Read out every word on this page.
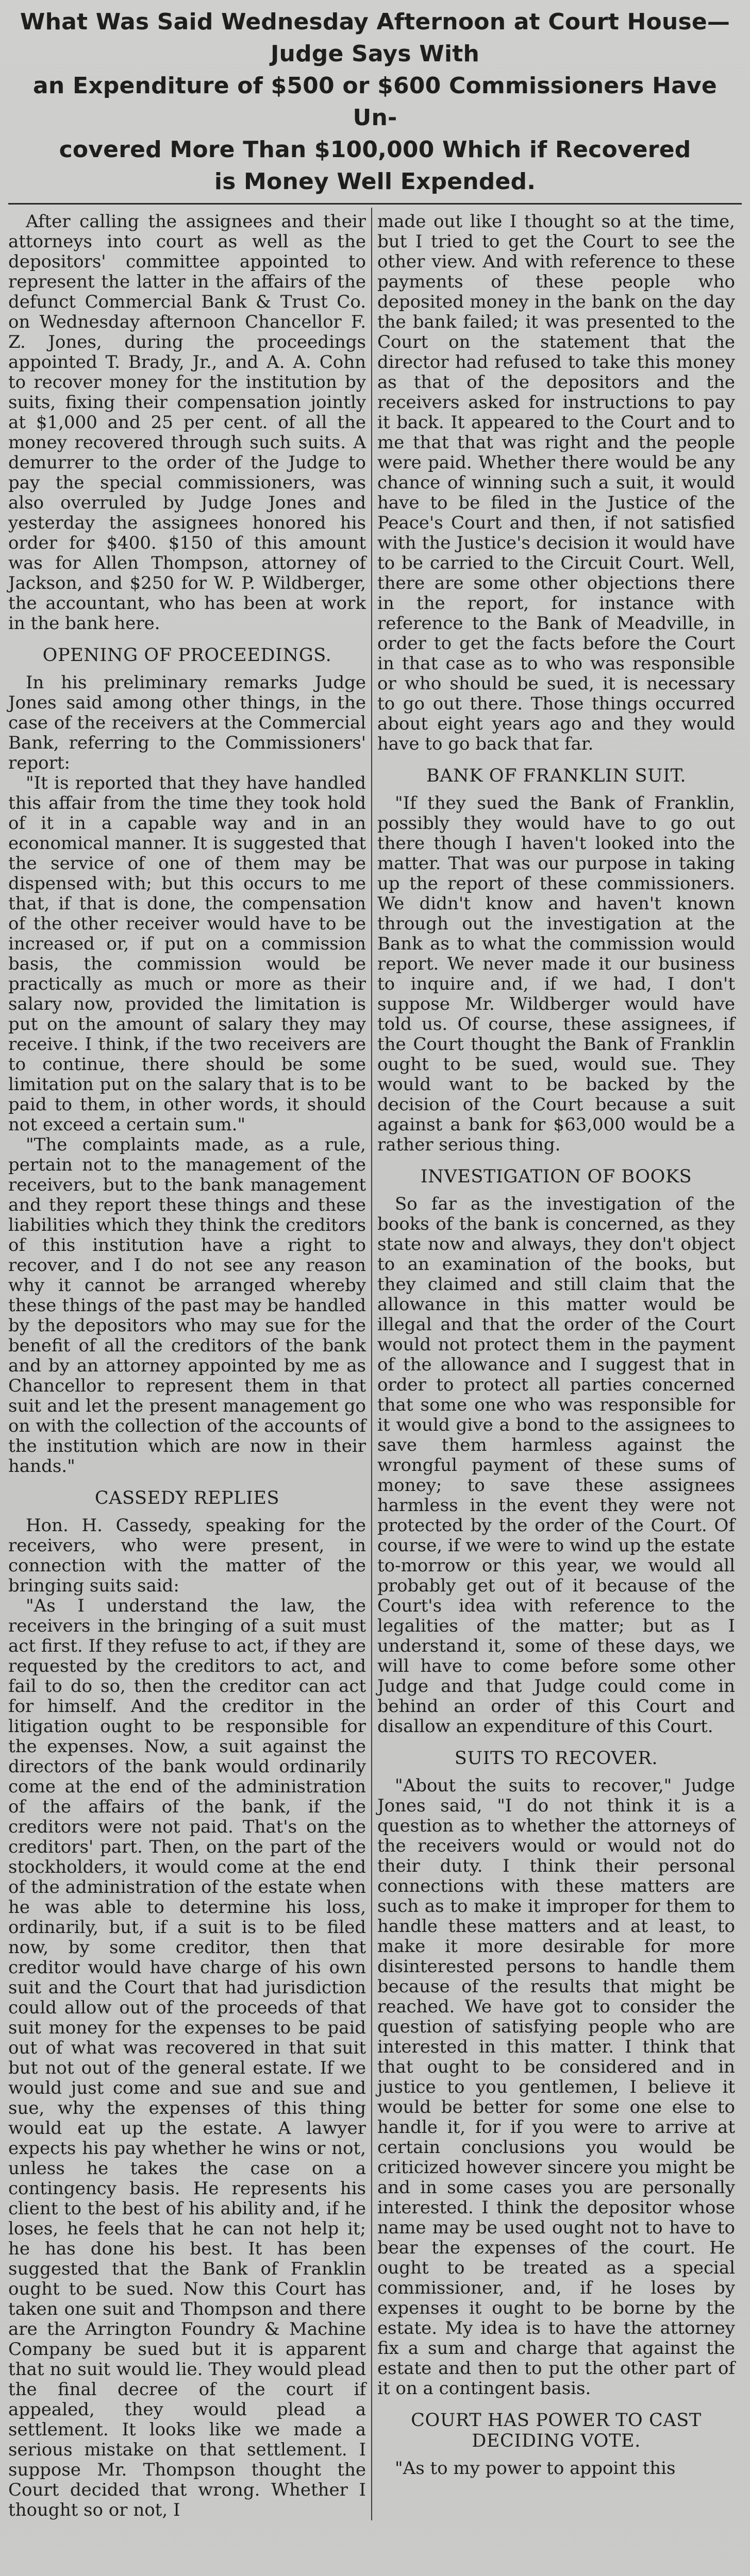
What Was Said Wednesday Afternoon at Court House—Judge Says With
an Expenditure of $500 or $600 Commissioners Have Un-
covered More Than $100,000 Which if Recovered
is Money Well Expended.

After calling the assignees and their attorneys into court as well as the depositors' committee appointed to represent the latter in the affairs of the defunct Commercial Bank & Trust Co. on Wednesday afternoon Chancellor F. Z. Jones, during the proceedings appointed T. Brady, Jr., and A. A. Cohn to recover money for the institution by suits, fixing their compensation jointly at $1,000 and 25 per cent. of all the money recovered through such suits. A demurrer to the order of the Judge to pay the special commissioners, was also overruled by Judge Jones and yesterday the assignees honored his order for $400. $150 of this amount was for Allen Thompson, attorney of Jackson, and $250 for W. P. Wildberger, the accountant, who has been at work in the bank here.

OPENING OF PROCEEDINGS.

In his preliminary remarks Judge Jones said among other things, in the case of the receivers at the Commercial Bank, referring to the Commissioners' report:

"It is reported that they have handled this affair from the time they took hold of it in a capable way and in an economical manner. It is suggested that the service of one of them may be dispensed with; but this occurs to me that, if that is done, the compensation of the other receiver would have to be increased or, if put on a commission basis, the commission would be practically as much or more as their salary now, provided the limitation is put on the amount of salary they may receive. I think, if the two receivers are to continue, there should be some limitation put on the salary that is to be paid to them, in other words, it should not exceed a certain sum."

"The complaints made, as a rule, pertain not to the management of the receivers, but to the bank management and they report these things and these liabilities which they think the creditors of this institution have a right to recover, and I do not see any reason why it cannot be arranged whereby these things of the past may be handled by the depositors who may sue for the benefit of all the creditors of the bank and by an attorney appointed by me as Chancellor to represent them in that suit and let the present management go on with the collection of the accounts of the institution which are now in their hands."

CASSEDY REPLIES

Hon. H. Cassedy, speaking for the receivers, who were present, in connection with the matter of the bringing suits said:

"As I understand the law, the receivers in the bringing of a suit must act first. If they refuse to act, if they are requested by the creditors to act, and fail to do so, then the creditor can act for himself. And the creditor in the litigation ought to be responsible for the expenses. Now, a suit against the directors of the bank would ordinarily come at the end of the administration of the affairs of the bank, if the creditors were not paid. That's on the creditors' part. Then, on the part of the stockholders, it would come at the end of the administration of the estate when he was able to determine his loss, ordinarily, but, if a suit is to be filed now, by some creditor, then that creditor would have charge of his own suit and the Court that had jurisdiction could allow out of the proceeds of that suit money for the expenses to be paid out of what was recovered in that suit but not out of the general estate. If we would just come and sue and sue and sue, why the expenses of this thing would eat up the estate. A lawyer expects his pay whether he wins or not, unless he takes the case on a contingency basis. He represents his client to the best of his ability and, if he loses, he feels that he can not help it; he has done his best. It has been suggested that the Bank of Franklin ought to be sued. Now this Court has taken one suit and Thompson and there are the Arrington Foundry & Machine Company be sued but it is apparent that no suit would lie. They would plead the final decree of the court if appealed, they would plead a settlement. It looks like we made a serious mistake on that settlement. I suppose Mr. Thompson thought the Court decided that wrong. Whether I thought so or not, I

made out like I thought so at the time, but I tried to get the Court to see the other view. And with reference to these payments of these people who deposited money in the bank on the day the bank failed; it was presented to the Court on the statement that the director had refused to take this money as that of the depositors and the receivers asked for instructions to pay it back. It appeared to the Court and to me that that was right and the people were paid. Whether there would be any chance of winning such a suit, it would have to be filed in the Justice of the Peace's Court and then, if not satisfied with the Justice's decision it would have to be carried to the Circuit Court. Well, there are some other objections there in the report, for instance with reference to the Bank of Meadville, in order to get the facts before the Court in that case as to who was responsible or who should be sued, it is necessary to go out there. Those things occurred about eight years ago and they would have to go back that far.

BANK OF FRANKLIN SUIT.

"If they sued the Bank of Franklin, possibly they would have to go out there though I haven't looked into the matter. That was our purpose in taking up the report of these commissioners. We didn't know and haven't known through out the investigation at the Bank as to what the commission would report. We never made it our business to inquire and, if we had, I don't suppose Mr. Wildberger would have told us. Of course, these assignees, if the Court thought the Bank of Franklin ought to be sued, would sue. They would want to be backed by the decision of the Court because a suit against a bank for $63,000 would be a rather serious thing.

INVESTIGATION OF BOOKS

So far as the investigation of the books of the bank is concerned, as they state now and always, they don't object to an examination of the books, but they claimed and still claim that the allowance in this matter would be illegal and that the order of the Court would not protect them in the payment of the allowance and I suggest that in order to protect all parties concerned that some one who was responsible for it would give a bond to the assignees to save them harmless against the wrongful payment of these sums of money; to save these assignees harmless in the event they were not protected by the order of the Court. Of course, if we were to wind up the estate to-morrow or this year, we would all probably get out of it because of the Court's idea with reference to the legalities of the matter; but as I understand it, some of these days, we will have to come before some other Judge and that Judge could come in behind an order of this Court and disallow an expenditure of this Court.

SUITS TO RECOVER.

"About the suits to recover," Judge Jones said, "I do not think it is a question as to whether the attorneys of the receivers would or would not do their duty. I think their personal connections with these matters are such as to make it improper for them to handle these matters and at least, to make it more desirable for more disinterested persons to handle them because of the results that might be reached. We have got to consider the question of satisfying people who are interested in this matter. I think that that ought to be considered and in justice to you gentlemen, I believe it would be better for some one else to handle it, for if you were to arrive at certain conclusions you would be criticized however sincere you might be and in some cases you are personally interested. I think the depositor whose name may be used ought not to have to bear the expenses of the court. He ought to be treated as a special commissioner, and, if he loses by expenses it ought to be borne by the estate. My idea is to have the attorney fix a sum and charge that against the estate and then to put the other part of it on a contingent basis.

COURT HAS POWER TO CAST DECIDING VOTE.

"As to my power to appoint this
